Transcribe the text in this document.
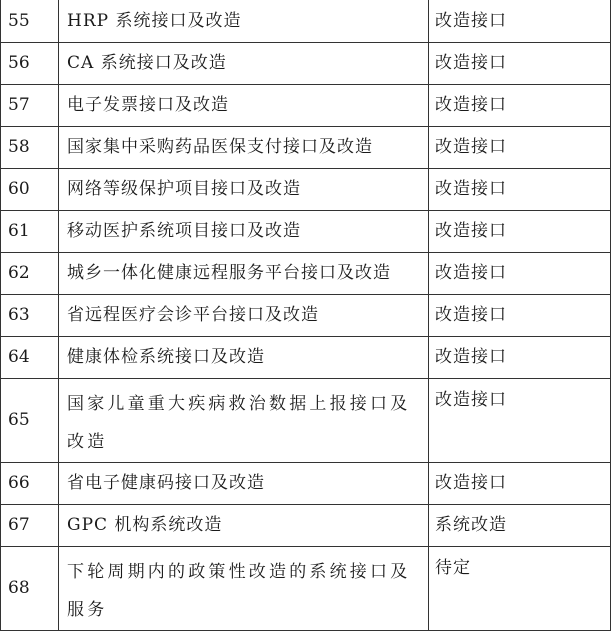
55	HRP 系统接口及改造	改造接口
56	CA 系统接口及改造	改造接口
57	电子发票接口及改造	改造接口
58	国家集中采购药品医保支付接口及改造	改造接口
60	网络等级保护项目接口及改造	改造接口
61	移动医护系统项目接口及改造	改造接口
62	城乡一体化健康远程服务平台接口及改造	改造接口
63	省远程医疗会诊平台接口及改造	改造接口
64	健康体检系统接口及改造	改造接口
65	国家儿童重大疾病救治数据上报接口及改造	改造接口
66	省电子健康码接口及改造	改造接口
67	GPC 机构系统改造	系统改造
68	下轮周期内的政策性改造的系统接口及服务	待定
